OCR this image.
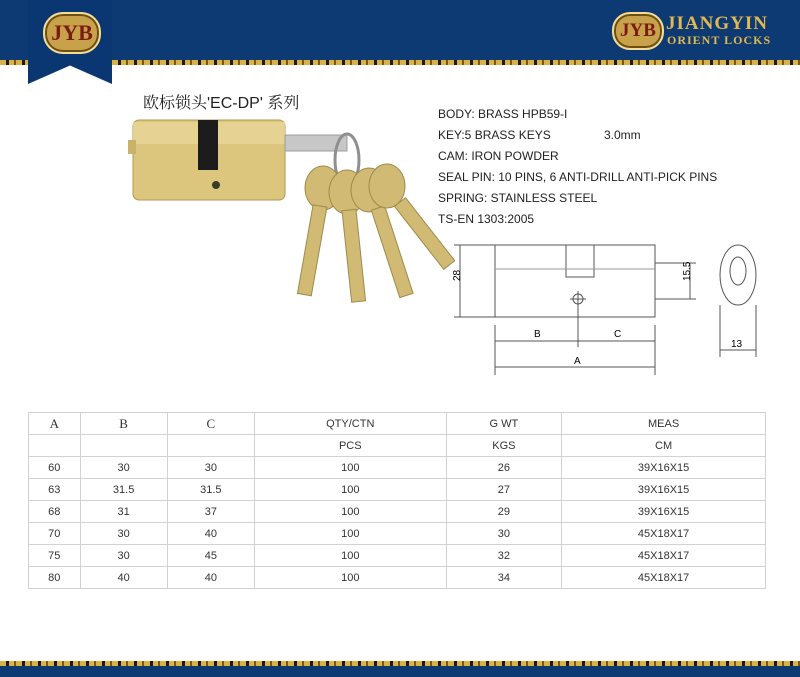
JYB	JYB JIANGYIN
ORIENT LOCKS
欧标锁头'EC-DP' 系列
BODY: BRASS HPB59-I
KEY:5 BRASS KEYS	3.0mm
CAM: IRON POWDER
SEAL PIN: 10 PINS, 6 ANTI-DRILL ANTI-PICK PINS
SPRING: STAINLESS STEEL
TS-EN 1303:2005
28
B	C
A
15.5
13
A	B	C	QTY/CTN	G WT	MEAS
			PCS	KGS	CM
60	30	30	100	26	39X16X15
63	31.5	31.5	100	27	39X16X15
68	31	37	100	29	39X16X15
70	30	40	100	30	45X18X17
75	30	45	100	32	45X18X17
80	40	40	100	34	45X18X17
